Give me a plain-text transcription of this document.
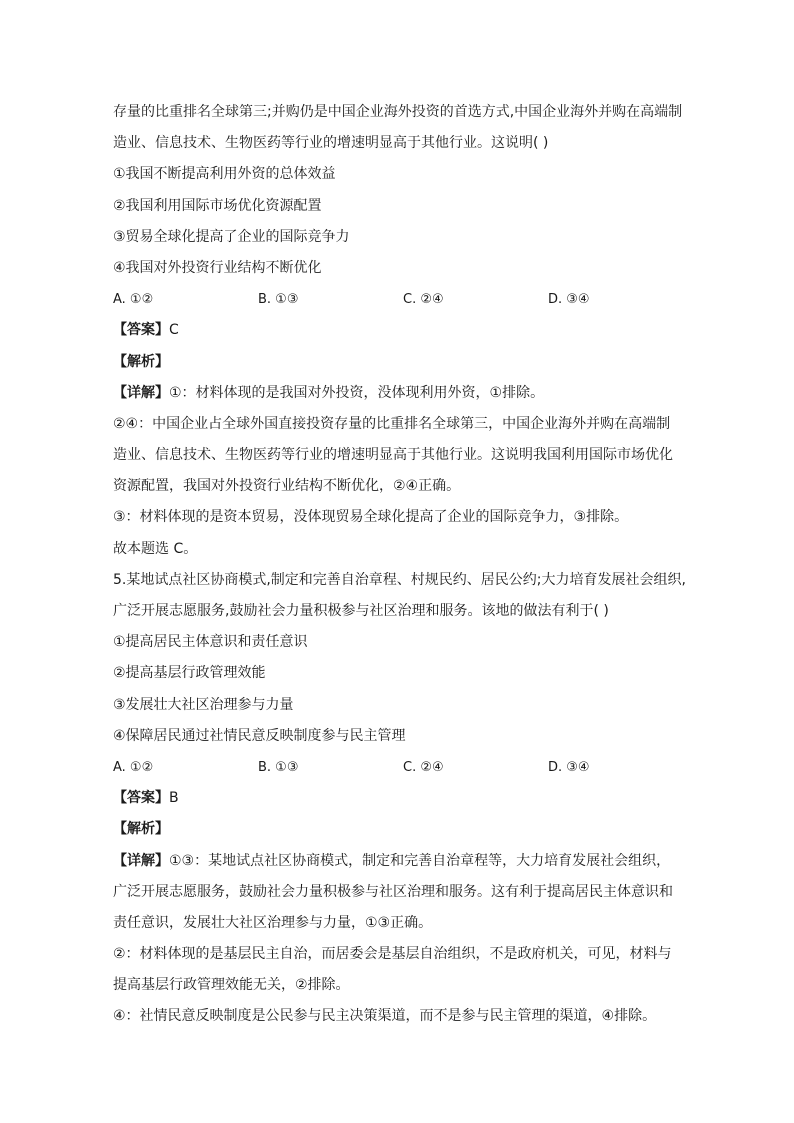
存量的比重排名全球第三;并购仍是中国企业海外投资的首选方式,中国企业海外并购在高端制
造业、信息技术、生物医药等行业的增速明显高于其他行业。这说明( )
①我国不断提高利用外资的总体效益
②我国利用国际市场优化资源配置
③贸易全球化提高了企业的国际竞争力
④我国对外投资行业结构不断优化
A. ①②	B. ①③	C. ②④	D. ③④
【答案】C
【解析】
【详解】①：材料体现的是我国对外投资，没体现利用外资，①排除。
②④：中国企业占全球外国直接投资存量的比重排名全球第三，中国企业海外并购在高端制
造业、信息技术、生物医药等行业的增速明显高于其他行业。这说明我国利用国际市场优化
资源配置，我国对外投资行业结构不断优化，②④正确。
③：材料体现的是资本贸易，没体现贸易全球化提高了企业的国际竞争力，③排除。
故本题选 C。
5.某地试点社区协商模式,制定和完善自治章程、村规民约、居民公约;大力培育发展社会组织,
广泛开展志愿服务,鼓励社会力量积极参与社区治理和服务。该地的做法有利于( )
①提高居民主体意识和责任意识
②提高基层行政管理效能
③发展壮大社区治理参与力量
④保障居民通过社情民意反映制度参与民主管理
A. ①②	B. ①③	C. ②④	D. ③④
【答案】B
【解析】
【详解】①③：某地试点社区协商模式，制定和完善自治章程等，大力培育发展社会组织，
广泛开展志愿服务，鼓励社会力量积极参与社区治理和服务。这有利于提高居民主体意识和
责任意识，发展壮大社区治理参与力量，①③正确。
②：材料体现的是基层民主自治，而居委会是基层自治组织，不是政府机关，可见，材料与
提高基层行政管理效能无关，②排除。
④：社情民意反映制度是公民参与民主决策渠道，而不是参与民主管理的渠道，④排除。
